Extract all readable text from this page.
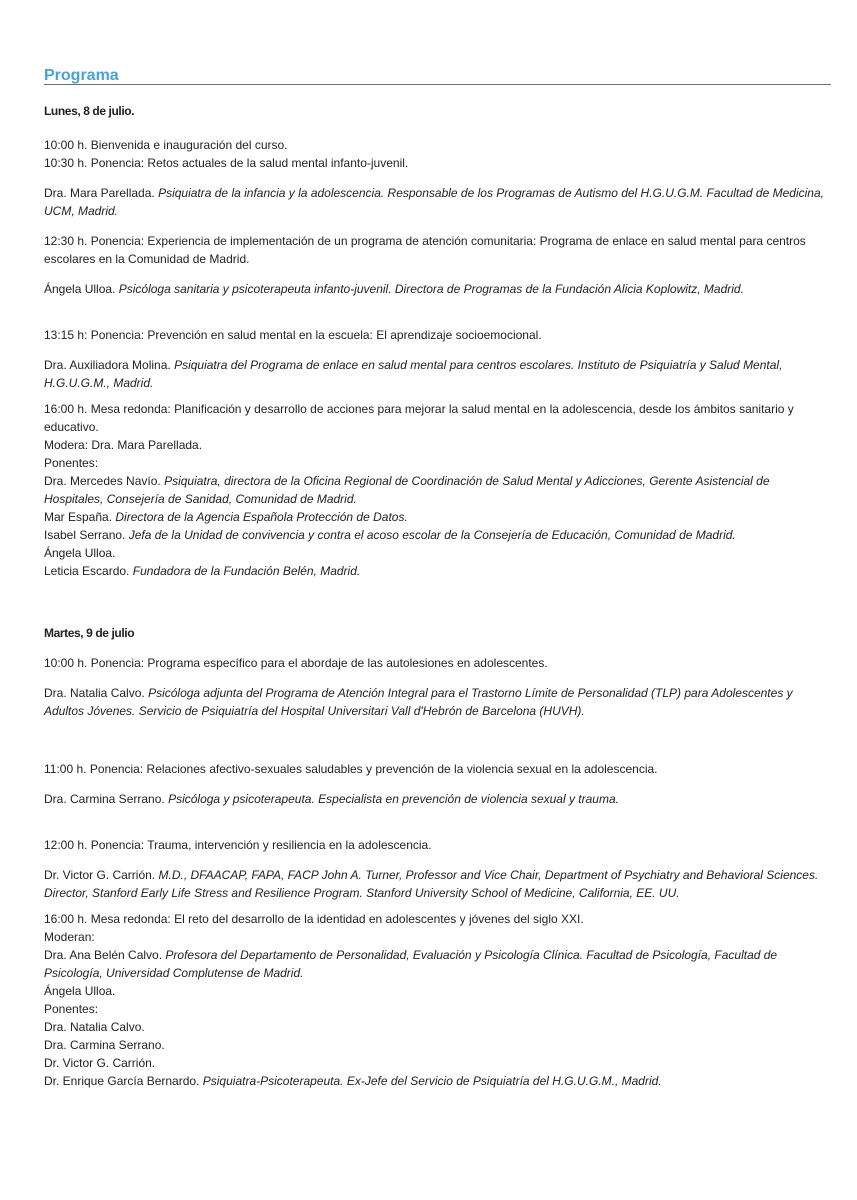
Programa

Lunes, 8 de julio.

10:00 h. Bienvenida e inauguración del curso.

10:30 h. Ponencia: Retos actuales de la salud mental infanto-juvenil.

Dra. Mara Parellada. Psiquiatra de la infancia y la adolescencia. Responsable de los Programas de Autismo del H.G.U.G.M. Facultad de Medicina, UCM, Madrid.

12:30 h. Ponencia: Experiencia de implementación de un programa de atención comunitaria: Programa de enlace en salud mental para centros escolares en la Comunidad de Madrid.

Ángela Ulloa. Psicóloga sanitaria y psicoterapeuta infanto-juvenil. Directora de Programas de la Fundación Alicia Koplowitz, Madrid.

13:15 h: Ponencia: Prevención en salud mental en la escuela: El aprendizaje socioemocional.

Dra. Auxiliadora Molina. Psiquiatra del Programa de enlace en salud mental para centros escolares. Instituto de Psiquiatría y Salud Mental, H.G.U.G.M., Madrid.

16:00 h. Mesa redonda: Planificación y desarrollo de acciones para mejorar la salud mental en la adolescencia, desde los ámbitos sanitario y educativo.

Modera: Dra. Mara Parellada.

Ponentes:

Dra. Mercedes Navío. Psiquiatra, directora de la Oficina Regional de Coordinación de Salud Mental y Adicciones, Gerente Asistencial de Hospitales, Consejería de Sanidad, Comunidad de Madrid.

Mar España. Directora de la Agencia Española Protección de Datos.

Isabel Serrano. Jefa de la Unidad de convivencia y contra el acoso escolar de la Consejería de Educación, Comunidad de Madrid.

Ángela Ulloa.

Leticia Escardo. Fundadora de la Fundación Belén, Madrid.

Martes, 9 de julio

10:00 h. Ponencia: Programa específico para el abordaje de las autolesiones en adolescentes.

Dra. Natalia Calvo. Psicóloga adjunta del Programa de Atención Integral para el Trastorno Límite de Personalidad (TLP) para Adolescentes y Adultos Jóvenes. Servicio de Psiquiatría del Hospital Universitari Vall d'Hebrón de Barcelona (HUVH).

11:00 h. Ponencia: Relaciones afectivo-sexuales saludables y prevención de la violencia sexual en la adolescencia.

Dra. Carmina Serrano. Psicóloga y psicoterapeuta. Especialista en prevención de violencia sexual y trauma.

12:00 h. Ponencia: Trauma, intervención y resiliencia en la adolescencia.

Dr. Victor G. Carrión. M.D., DFAACAP, FAPA, FACP John A. Turner, Professor and Vice Chair, Department of Psychiatry and Behavioral Sciences. Director, Stanford Early Life Stress and Resilience Program. Stanford University School of Medicine, California, EE. UU.

16:00 h. Mesa redonda: El reto del desarrollo de la identidad en adolescentes y jóvenes del siglo XXI.

Moderan:

Dra. Ana Belén Calvo. Profesora del Departamento de Personalidad, Evaluación y Psicología Clínica. Facultad de Psicología, Facultad de Psicología, Universidad Complutense de Madrid.

Ángela Ulloa.

Ponentes:

Dra. Natalia Calvo.

Dra. Carmina Serrano.

Dr. Victor G. Carrión.

Dr. Enrique García Bernardo. Psiquiatra-Psicoterapeuta. Ex-Jefe del Servicio de Psiquiatría del H.G.U.G.M., Madrid.
